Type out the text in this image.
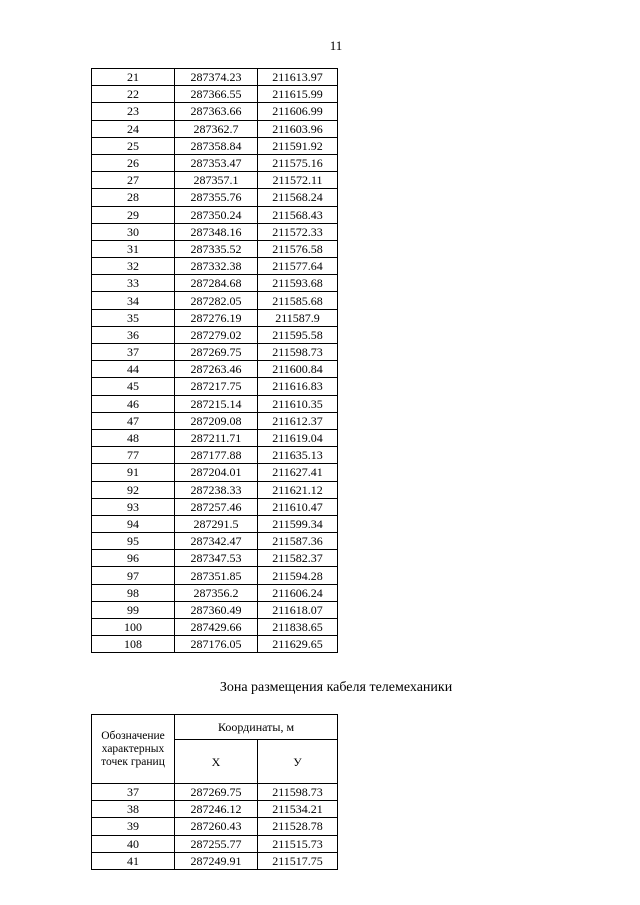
11
21	287374.23	211613.97
22	287366.55	211615.99
23	287363.66	211606.99
24	287362.7	211603.96
25	287358.84	211591.92
26	287353.47	211575.16
27	287357.1	211572.11
28	287355.76	211568.24
29	287350.24	211568.43
30	287348.16	211572.33
31	287335.52	211576.58
32	287332.38	211577.64
33	287284.68	211593.68
34	287282.05	211585.68
35	287276.19	211587.9
36	287279.02	211595.58
37	287269.75	211598.73
44	287263.46	211600.84
45	287217.75	211616.83
46	287215.14	211610.35
47	287209.08	211612.37
48	287211.71	211619.04
77	287177.88	211635.13
91	287204.01	211627.41
92	287238.33	211621.12
93	287257.46	211610.47
94	287291.5	211599.34
95	287342.47	211587.36
96	287347.53	211582.37
97	287351.85	211594.28
98	287356.2	211606.24
99	287360.49	211618.07
100	287429.66	211838.65
108	287176.05	211629.65
Зона размещения кабеля телемеханики
Обозначение характерных точек границ	Координаты, м	
	Х	У
37	287269.75	211598.73
38	287246.12	211534.21
39	287260.43	211528.78
40	287255.77	211515.73
41	287249.91	211517.75
